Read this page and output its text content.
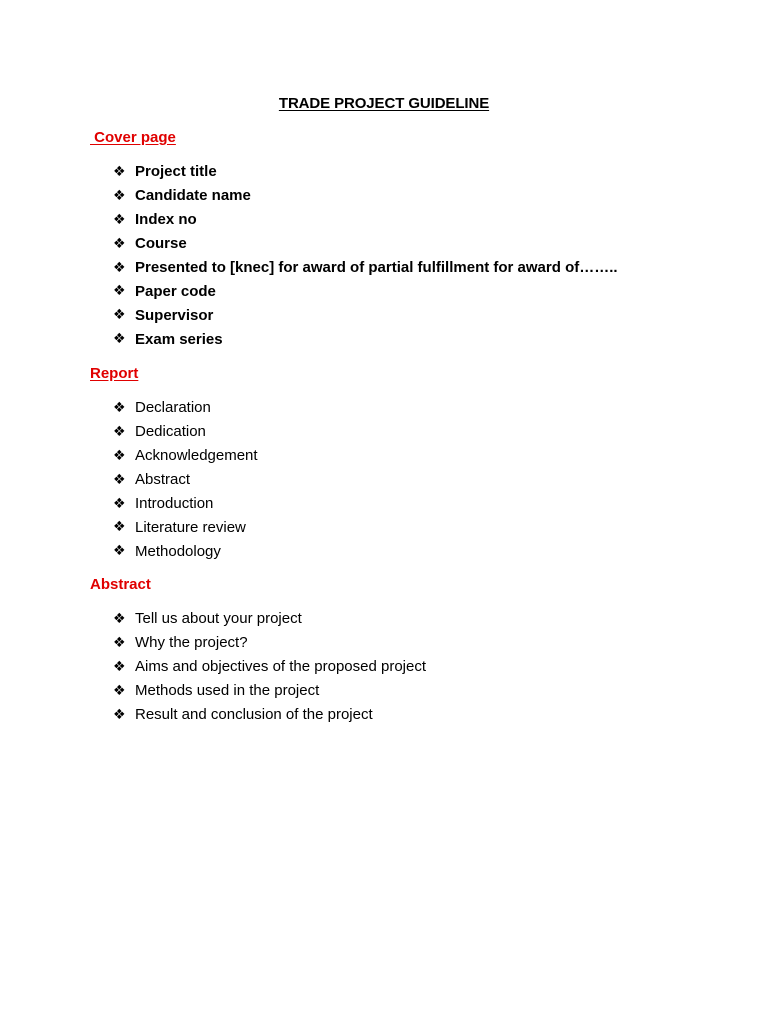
TRADE PROJECT GUIDELINE
Cover page
❖ Project title
❖ Candidate name
❖ Index no
❖ Course
❖ Presented to [knec] for award of partial fulfillment for award of……..
❖ Paper code
❖ Supervisor
❖ Exam series
Report
❖ Declaration
❖ Dedication
❖ Acknowledgement
❖ Abstract
❖ Introduction
❖ Literature review
❖ Methodology
Abstract
❖ Tell us about your project
❖ Why the project?
❖ Aims and objectives of the proposed project
❖ Methods used in the project
❖ Result and conclusion of the project
